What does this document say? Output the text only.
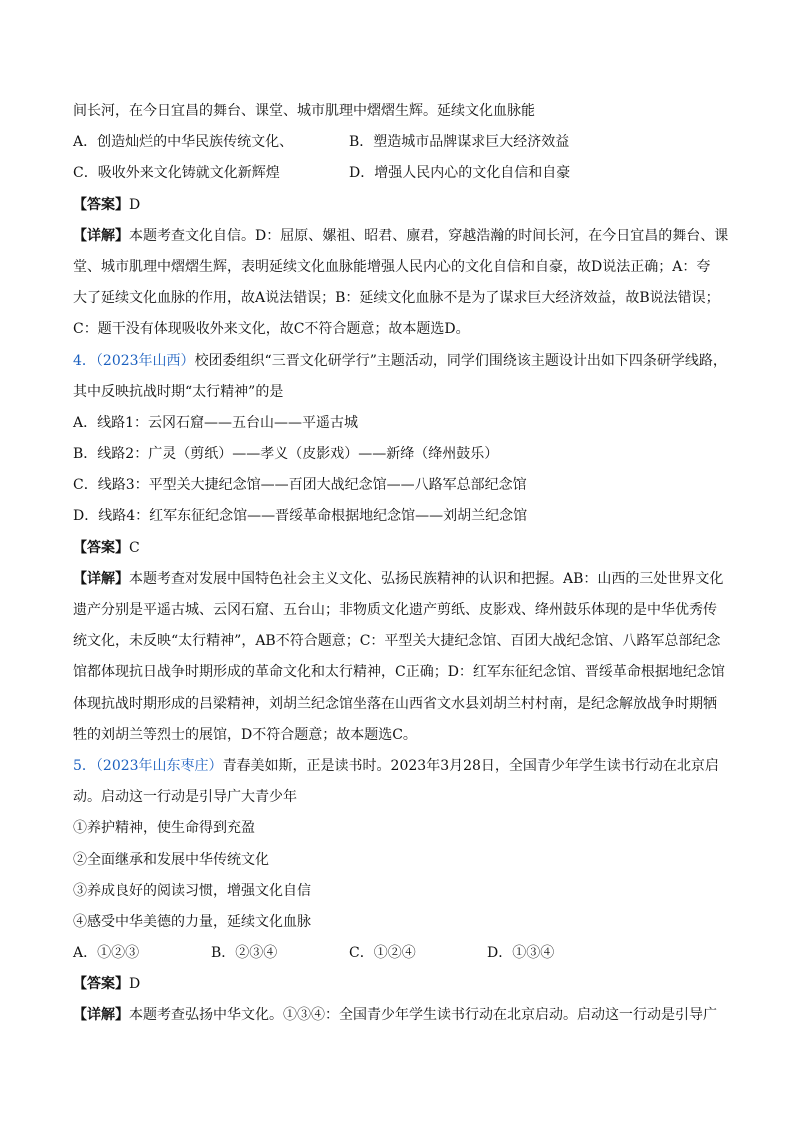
间长河，在今日宜昌的舞台、课堂、城市肌理中熠熠生辉。延续文化血脉能
A．创造灿烂的中华民族传统文化、	B．塑造城市品牌谋求巨大经济效益
C．吸收外来文化铸就文化新辉煌	D．增强人民内心的文化自信和自豪
【答案】D
【详解】本题考查文化自信。D：屈原、嫘祖、昭君、廪君，穿越浩瀚的时间长河，在今日宜昌的舞台、课
堂、城市肌理中熠熠生辉，表明延续文化血脉能增强人民内心的文化自信和自豪，故D说法正确；A：夸
大了延续文化血脉的作用，故A说法错误；B：延续文化血脉不是为了谋求巨大经济效益，故B说法错误；
C：题干没有体现吸收外来文化，故C不符合题意；故本题选D。
4．（2023年山西）校团委组织“三晋文化研学行”主题活动，同学们围绕该主题设计出如下四条研学线路，
其中反映抗战时期“太行精神”的是
A．线路1：云冈石窟——五台山——平遥古城
B．线路2：广灵（剪纸）——孝义（皮影戏）——新绛（绛州鼓乐）
C．线路3：平型关大捷纪念馆——百团大战纪念馆——八路军总部纪念馆
D．线路4：红军东征纪念馆——晋绥革命根据地纪念馆——刘胡兰纪念馆
【答案】C
【详解】本题考查对发展中国特色社会主义文化、弘扬民族精神的认识和把握。AB：山西的三处世界文化
遗产分别是平遥古城、云冈石窟、五台山；非物质文化遗产剪纸、皮影戏、绛州鼓乐体现的是中华优秀传
统文化，未反映“太行精神”，AB不符合题意；C：平型关大捷纪念馆、百团大战纪念馆、八路军总部纪念
馆都体现抗日战争时期形成的革命文化和太行精神，C正确；D：红军东征纪念馆、晋绥革命根据地纪念馆
体现抗战时期形成的吕梁精神，刘胡兰纪念馆坐落在山西省文水县刘胡兰村村南，是纪念解放战争时期牺
牲的刘胡兰等烈士的展馆，D不符合题意；故本题选C。
5．（2023年山东枣庄）青春美如斯，正是读书时。2023年3月28日，全国青少年学生读书行动在北京启
动。启动这一行动是引导广大青少年
①养护精神，使生命得到充盈
②全面继承和发展中华传统文化
③养成良好的阅读习惯，增强文化自信
④感受中华美德的力量，延续文化血脉
A．①②③	B．②③④	C．①②④	D．①③④
【答案】D
【详解】本题考查弘扬中华文化。①③④：全国青少年学生读书行动在北京启动。启动这一行动是引导广
